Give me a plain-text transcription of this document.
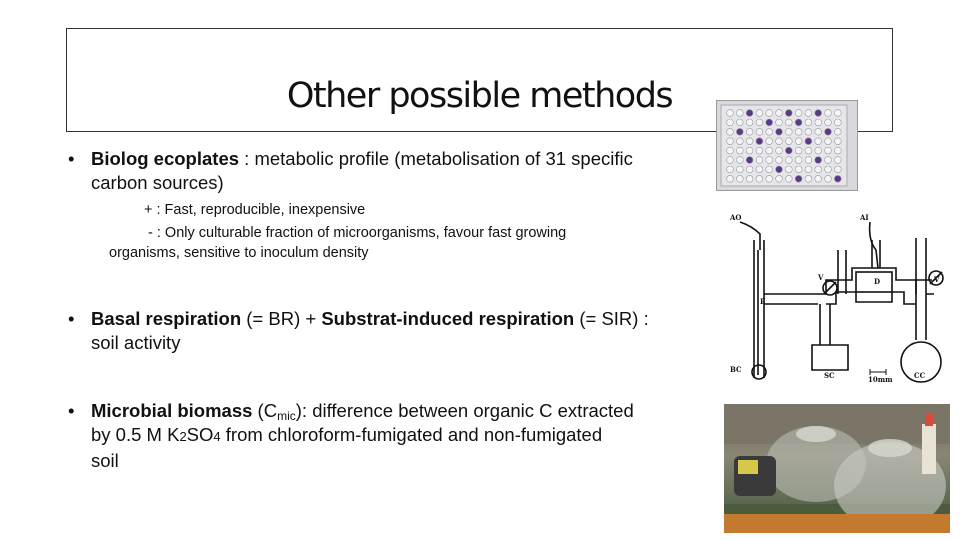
Other possible methods
• Biolog ecoplates : metabolic profile (metabolisation of 31 specific
carbon sources)
+ : Fast, reproducible, inexpensive
- : Only culturable fraction of microorganisms, favour fast growing
organisms, sensitive to inoculum density
• Basal respiration (= BR) + Substrat-induced respiration (= SIR) :
soil activity
• Microbial biomass $(C_{mic})$: difference between organic C extracted
by 0.5 M K2SO4 from chloroform-fumigated and non-fumigated
soil
AO	AI
V	D	V
E
BC
SC	10mm	CC
